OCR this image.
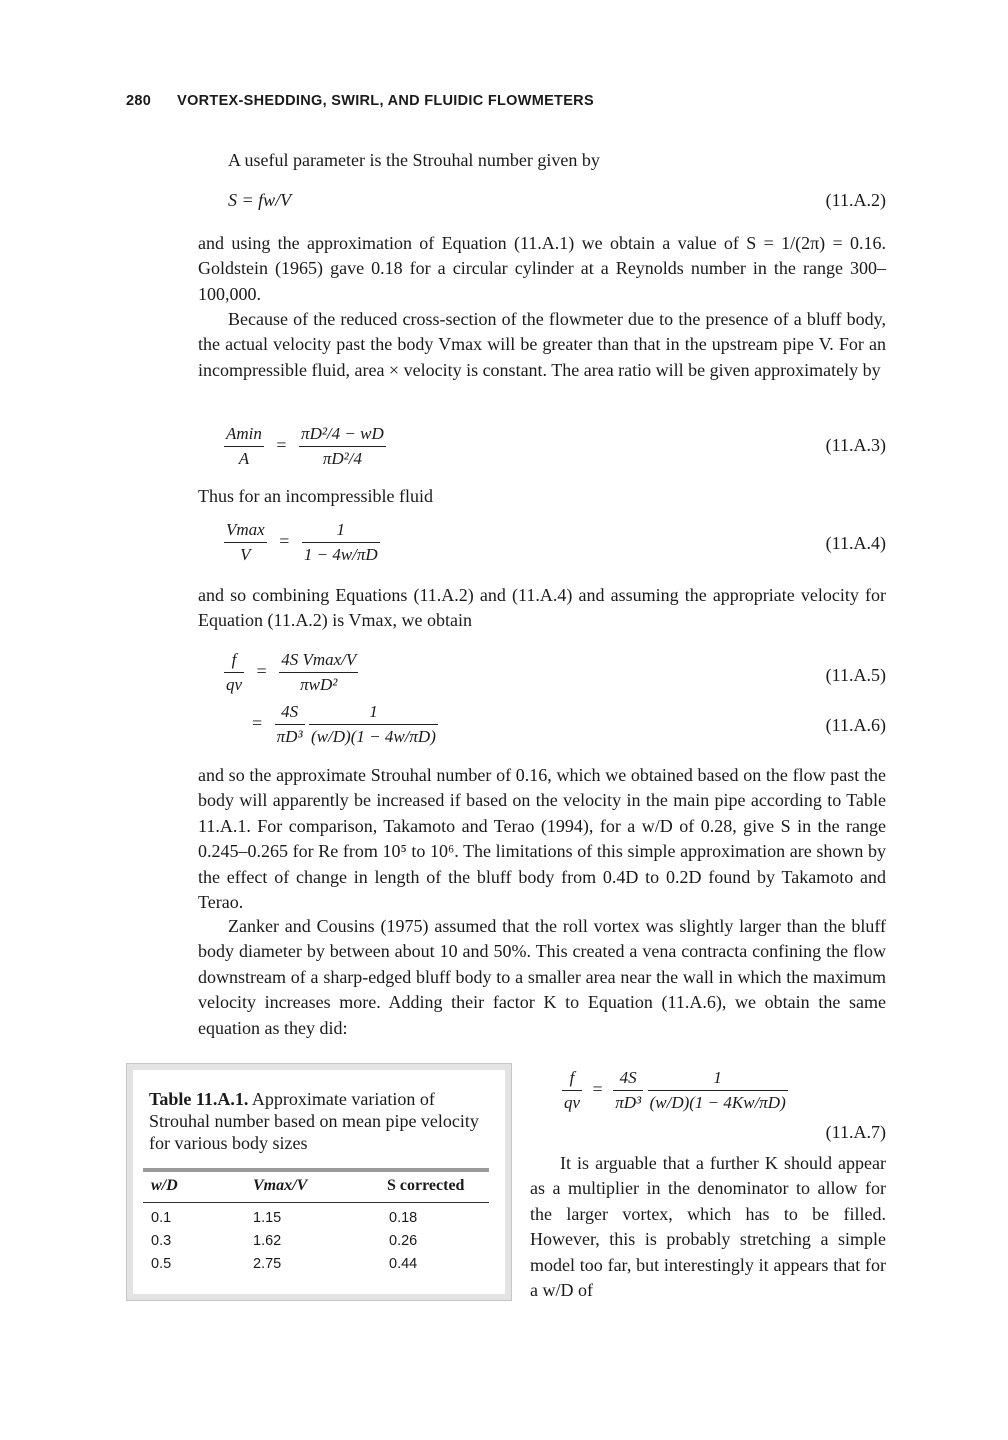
280 VORTEX-SHEDDING, SWIRL, AND FLUIDIC FLOWMETERS
A useful parameter is the Strouhal number given by
S = fw/V	(11.A.2)
and using the approximation of Equation (11.A.1) we obtain a value of S = 1/(2π) = 0.16. Goldstein (1965) gave 0.18 for a circular cylinder at a Reynolds number in the range 300–100,000.
Because of the reduced cross-section of the flowmeter due to the presence of a bluff body, the actual velocity past the body Vmax will be greater than that in the upstream pipe V. For an incompressible fluid, area × velocity is constant. The area ratio will be given approximately by
$\frac{Amin}{A} = \frac{\text{πD²/4 − wD}}{\text{πD²/4}}$	(11.A.3)
Thus for an incompressible fluid
$\frac{Vmax}{V} = \frac{1}{1 - 4w/\pi D}$	(11.A.4)
and so combining Equations (11.A.2) and (11.A.4) and assuming the appropriate velocity for Equation (11.A.2) is Vmax, we obtain
$\frac{f}{qv} = \frac{\text{4S Vmax/V}}{\text{πwD²}}$	(11.A.5)
= $\frac{4S}{\text{πD³}}$
$\frac{1}{(w/D)(1 - 4w/\pi D)}$	(11.A.6)
and so the approximate Strouhal number of 0.16, which we obtained based on the flow past the body will apparently be increased if based on the velocity in the main pipe according to Table 11.A.1. For comparison, Takamoto and Terao (1994), for a w/D of 0.28, give S in the range 0.245–0.265 for Re from 10⁵ to 10⁶. The limitations of this simple approximation are shown by the effect of change in length of the bluff body from 0.4D to 0.2D found by Takamoto and Terao.
Zanker and Cousins (1975) assumed that the roll vortex was slightly larger than the bluff body diameter by between about 10 and 50%. This created a vena contracta confining the flow downstream of a sharp-edged bluff body to a smaller area near the wall in which the maximum velocity increases more. Adding their factor K to Equation (11.A.6), we obtain the same equation as they did:
Table 11.A.1. Approximate variation of Strouhal number based on mean pipe velocity for various body sizes
w/D	Vmax/V	S corrected
0.1	1.15	0.18
0.3	1.62	0.26
0.5	2.75	0.44
$\frac{f}{qv} = \frac{4S}{\text{πD³}}$
$\frac{1}{(w/D)(1 - 4Kw/\pi D)}$
(11.A.7)
It is arguable that a further K should appear as a multiplier in the denominator to allow for the larger vortex, which has to be filled. However, this is probably stretching a simple model too far, but interestingly it appears that for a w/D of
